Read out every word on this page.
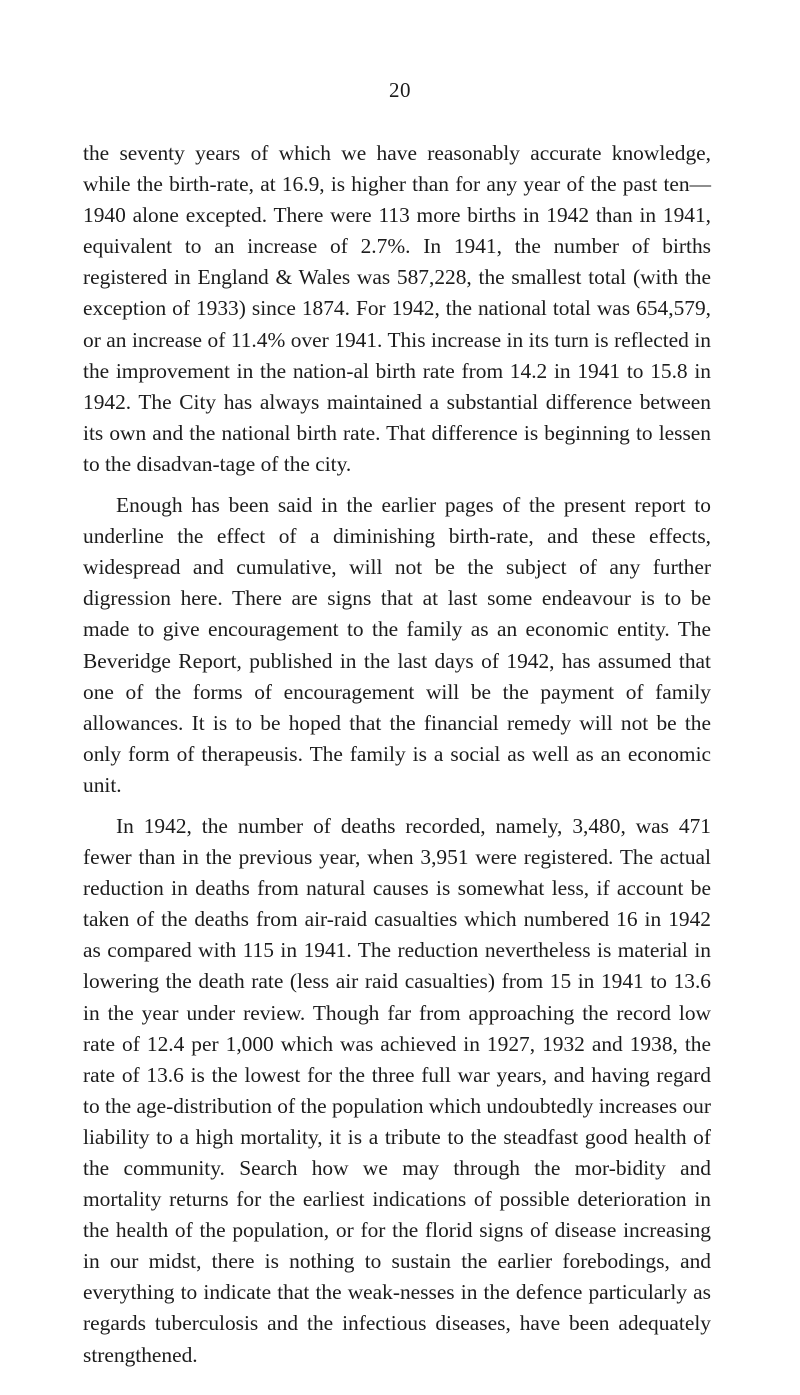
20

the seventy years of which we have reasonably accurate knowledge, while the birth-rate, at 16.9, is higher than for any year of the past ten—1940 alone excepted. There were 113 more births in 1942 than in 1941, equivalent to an increase of 2.7%. In 1941, the number of births registered in England & Wales was 587,228, the smallest total (with the exception of 1933) since 1874. For 1942, the national total was 654,579, or an increase of 11.4% over 1941. This increase in its turn is reflected in the improvement in the nation-al birth rate from 14.2 in 1941 to 15.8 in 1942. The City has always maintained a substantial difference between its own and the national birth rate. That difference is beginning to lessen to the disadvan-tage of the city.

Enough has been said in the earlier pages of the present report to underline the effect of a diminishing birth-rate, and these effects, widespread and cumulative, will not be the subject of any further digression here. There are signs that at last some endeavour is to be made to give encouragement to the family as an economic entity. The Beveridge Report, published in the last days of 1942, has assumed that one of the forms of encouragement will be the payment of family allowances. It is to be hoped that the financial remedy will not be the only form of therapeusis. The family is a social as well as an economic unit.

In 1942, the number of deaths recorded, namely, 3,480, was 471 fewer than in the previous year, when 3,951 were registered. The actual reduction in deaths from natural causes is somewhat less, if account be taken of the deaths from air-raid casualties which numbered 16 in 1942 as compared with 115 in 1941. The reduction nevertheless is material in lowering the death rate (less air raid casualties) from 15 in 1941 to 13.6 in the year under review. Though far from approaching the record low rate of 12.4 per 1,000 which was achieved in 1927, 1932 and 1938, the rate of 13.6 is the lowest for the three full war years, and having regard to the age-distribution of the population which undoubtedly increases our liability to a high mortality, it is a tribute to the steadfast good health of the community. Search how we may through the mor-bidity and mortality returns for the earliest indications of possible deterioration in the health of the population, or for the florid signs of disease increasing in our midst, there is nothing to sustain the earlier forebodings, and everything to indicate that the weak-nesses in the defence particularly as regards tuberculosis and the infectious diseases, have been adequately strengthened.
